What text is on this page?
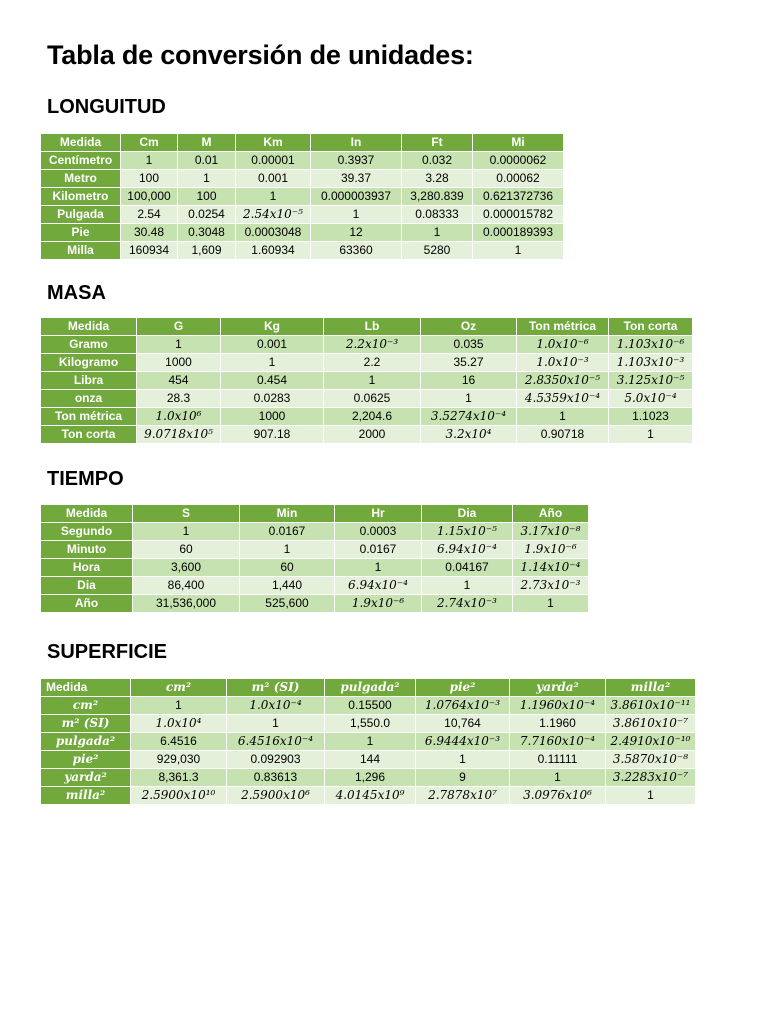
Tabla de conversión de unidades:
LONGUITUD
Medida	Cm	M	Km	In	Ft	Mi
Centímetro	1	0.01	0.00001	0.3937	0.032	0.0000062
Metro	100	1	0.001	39.37	3.28	0.00062
Kilometro	100,000	100	1	0.000003937	3,280.839	0.621372736
Pulgada	2.54	0.0254	2.54x10⁻⁵	1	0.08333	0.000015782
Pie	30.48	0.3048	0.0003048	12	1	0.000189393
Milla	160934	1,609	1.60934	63360	5280	1
MASA
Medida	G	Kg	Lb	Oz	Ton métrica	Ton corta
Gramo	1	0.001	2.2x10⁻³	0.035	1.0x10⁻⁶	1.103x10⁻⁶
Kilogramo	1000	1	2.2	35.27	1.0x10⁻³	1.103x10⁻³
Libra	454	0.454	1	16	2.8350x10⁻⁵	3.125x10⁻⁵
onza	28.3	0.0283	0.0625	1	4.5359x10⁻⁴	5.0x10⁻⁴
Ton métrica	1.0x10⁶	1000	2,204.6	3.5274x10⁻⁴	1	1.1023
Ton corta	9.0718x10⁵	907.18	2000	3.2x10⁴	0.90718	1
TIEMPO
Medida	S	Min	Hr	Dia	Año
Segundo	1	0.0167	0.0003	1.15x10⁻⁵	3.17x10⁻⁸
Minuto	60	1	0.0167	6.94x10⁻⁴	1.9x10⁻⁶
Hora	3,600	60	1	0.04167	1.14x10⁻⁴
Dia	86,400	1,440	6.94x10⁻⁴	1	2.73x10⁻³
Año	31,536,000	525,600	1.9x10⁻⁶	2.74x10⁻³	1
SUPERFICIE
Medida	cm²	m² (SI)	pulgada²	pie²	yarda²	milla²
cm²	1	1.0x10⁻⁴	0.15500	1.0764x10⁻³	1.1960x10⁻⁴	3.8610x10⁻¹¹
m² (SI)	1.0x10⁴	1	1,550.0	10,764	1.1960	3.8610x10⁻⁷
pulgada²	6.4516	6.4516x10⁻⁴	1	6.9444x10⁻³	7.7160x10⁻⁴	2.4910x10⁻¹⁰
pie²	929,030	0.092903	144	1	0.11111	3.5870x10⁻⁸
yarda²	8,361.3	0.83613	1,296	9	1	3.2283x10⁻⁷
milla²	2.5900x10¹⁰	2.5900x10⁶	4.0145x10⁹	2.7878x10⁷	3.0976x10⁶	1
